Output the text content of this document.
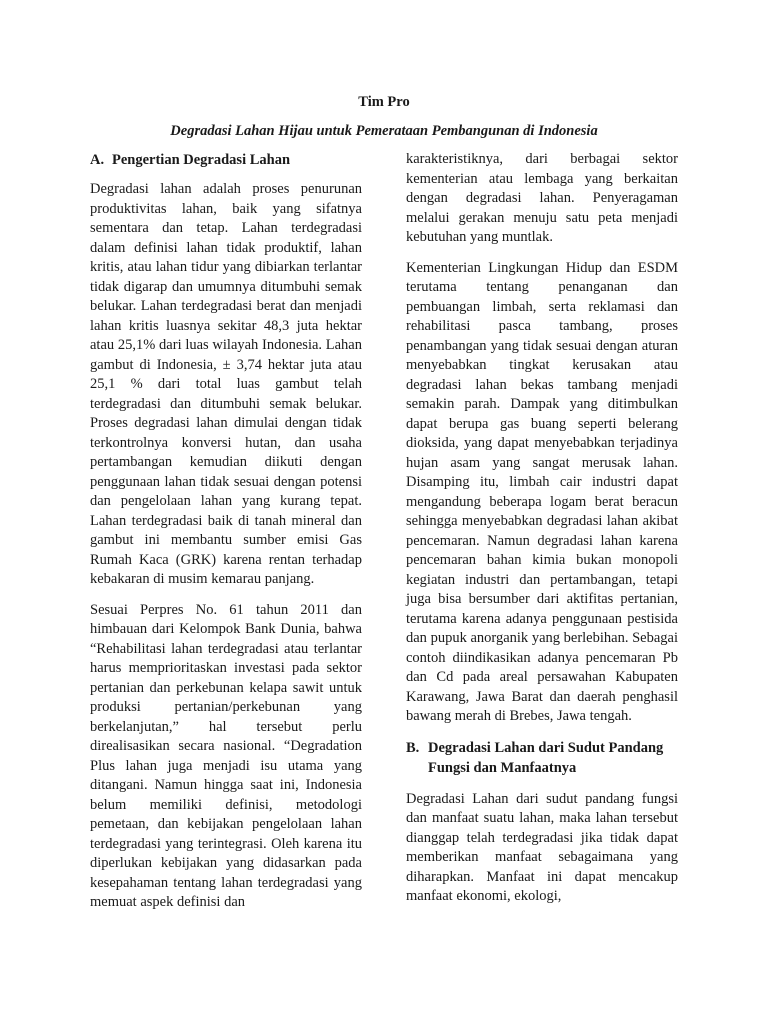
Tim Pro

Degradasi Lahan Hijau untuk Pemerataan Pembangunan di Indonesia

A. Pengertian Degradasi Lahan

Degradasi lahan adalah proses penurunan produktivitas lahan, baik yang sifatnya sementara dan tetap. Lahan terdegradasi dalam definisi lahan tidak produktif, lahan kritis, atau lahan tidur yang dibiarkan terlantar tidak digarap dan umumnya ditumbuhi semak belukar. Lahan terdegradasi berat dan menjadi lahan kritis luasnya sekitar 48,3 juta hektar atau 25,1% dari luas wilayah Indonesia. Lahan gambut di Indonesia, ± 3,74 hektar juta atau 25,1 % dari total luas gambut telah terdegradasi dan ditumbuhi semak belukar. Proses degradasi lahan dimulai dengan tidak terkontrolnya konversi hutan, dan usaha pertambangan kemudian diikuti dengan penggunaan lahan tidak sesuai dengan potensi dan pengelolaan lahan yang kurang tepat. Lahan terdegradasi baik di tanah mineral dan gambut ini membantu sumber emisi Gas Rumah Kaca (GRK) karena rentan terhadap kebakaran di musim kemarau panjang.

Sesuai Perpres No. 61 tahun 2011 dan himbauan dari Kelompok Bank Dunia, bahwa “Rehabilitasi lahan terdegradasi atau terlantar harus memprioritaskan investasi pada sektor pertanian dan perkebunan kelapa sawit untuk produksi pertanian/perkebunan yang berkelanjutan,” hal tersebut perlu direalisasikan secara nasional. “Degradation Plus lahan juga menjadi isu utama yang ditangani. Namun hingga saat ini, Indonesia belum memiliki definisi, metodologi pemetaan, dan kebijakan pengelolaan lahan terdegradasi yang terintegrasi. Oleh karena itu diperlukan kebijakan yang didasarkan pada kesepahaman tentang lahan terdegradasi yang memuat aspek definisi dan

karakteristiknya, dari berbagai sektor kementerian atau lembaga yang berkaitan dengan degradasi lahan. Penyeragaman melalui gerakan menuju satu peta menjadi kebutuhan yang muntlak.

Kementerian Lingkungan Hidup dan ESDM terutama tentang penanganan dan pembuangan limbah, serta reklamasi dan rehabilitasi pasca tambang, proses penambangan yang tidak sesuai dengan aturan menyebabkan tingkat kerusakan atau degradasi lahan bekas tambang menjadi semakin parah. Dampak yang ditimbulkan dapat berupa gas buang seperti belerang dioksida, yang dapat menyebabkan terjadinya hujan asam yang sangat merusak lahan. Disamping itu, limbah cair industri dapat mengandung beberapa logam berat beracun sehingga menyebabkan degradasi lahan akibat pencemaran. Namun degradasi lahan karena pencemaran bahan kimia bukan monopoli kegiatan industri dan pertambangan, tetapi juga bisa bersumber dari aktifitas pertanian, terutama karena adanya penggunaan pestisida dan pupuk anorganik yang berlebihan. Sebagai contoh diindikasikan adanya pencemaran Pb dan Cd pada areal persawahan Kabupaten Karawang, Jawa Barat dan daerah penghasil bawang merah di Brebes, Jawa tengah.

B. Degradasi Lahan dari Sudut Pandang Fungsi dan Manfaatnya

Degradasi Lahan dari sudut pandang fungsi dan manfaat suatu lahan, maka lahan tersebut dianggap telah terdegradasi jika tidak dapat memberikan manfaat sebagaimana yang diharapkan. Manfaat ini dapat mencakup manfaat ekonomi, ekologi,
